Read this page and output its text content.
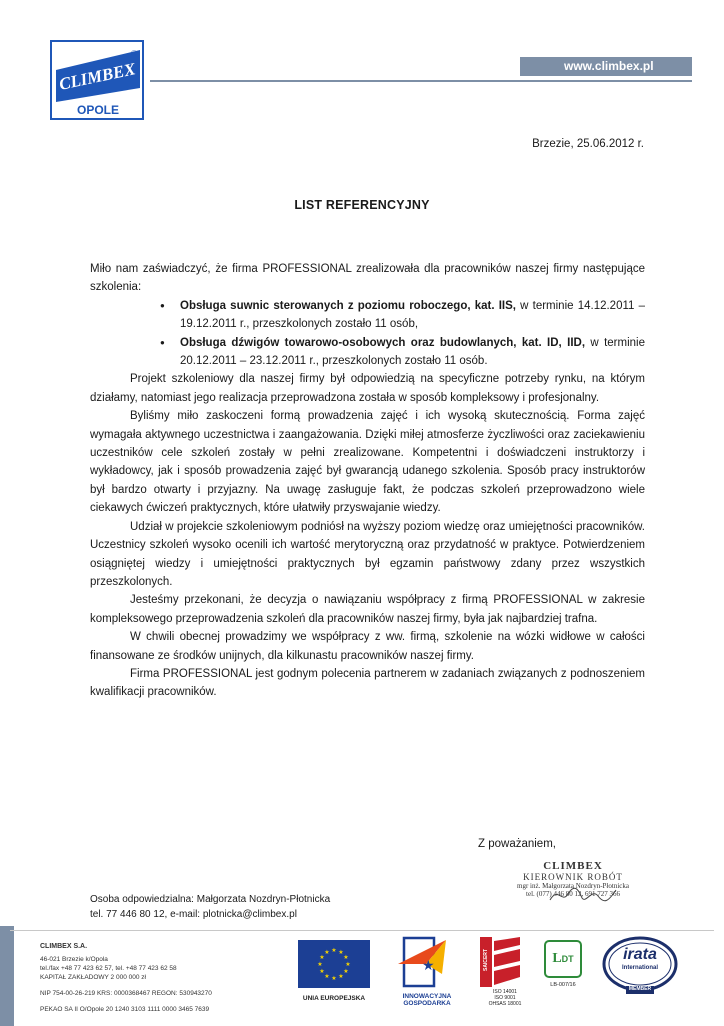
CLIMBEX
®
OPOLE
www.climbex.pl
Brzezie, 25.06.2012 r.
LIST REFERENCYJNY

Miło nam zaświadczyć, że firma PROFESSIONAL zrealizowała dla pracowników naszej firmy następujące szkolenia:

● Obsługa suwnic sterowanych z poziomu roboczego, kat. IIS, w terminie 14.12.2011 – 19.12.2011 r., przeszkolonych zostało 11 osób,
● Obsługa dźwigów towarowo-osobowych oraz budowlanych, kat. ID, IID, w terminie 20.12.2011 – 23.12.2011 r., przeszkolonych zostało 11 osób.

Projekt szkoleniowy dla naszej firmy był odpowiedzią na specyficzne potrzeby rynku, na którym działamy, natomiast jego realizacja przeprowadzona została w sposób kompleksowy i profesjonalny.

Byliśmy miło zaskoczeni formą prowadzenia zajęć i ich wysoką skutecznością. Forma zajęć wymagała aktywnego uczestnictwa i zaangażowania. Dzięki miłej atmosferze życzliwości oraz zaciekawieniu uczestników cele szkoleń zostały w pełni zrealizowane. Kompetentni i doświadczeni instruktorzy i wykładowcy, jak i sposób prowadzenia zajęć był gwarancją udanego szkolenia. Sposób pracy instruktorów był bardzo otwarty i przyjazny. Na uwagę zasługuje fakt, że podczas szkoleń przeprowadzono wiele ciekawych ćwiczeń praktycznych, które ułatwiły przyswajanie wiedzy.

Udział w projekcie szkoleniowym podniósł na wyższy poziom wiedzę oraz umiejętności pracowników. Uczestnicy szkoleń wysoko ocenili ich wartość merytoryczną oraz przydatność w praktyce. Potwierdzeniem osiągniętej wiedzy i umiejętności praktycznych był egzamin państwowy zdany przez wszystkich przeszkolonych.

Jesteśmy przekonani, że decyzja o nawiązaniu współpracy z firmą PROFESSIONAL w zakresie kompleksowego przeprowadzenia szkoleń dla pracowników naszej firmy, była jak najbardziej trafna.

W chwili obecnej prowadzimy we współpracy z ww. firmą, szkolenie na wózki widłowe w całości finansowane ze środków unijnych, dla kilkunastu pracowników naszej firmy.

Firma PROFESSIONAL jest godnym polecenia partnerem w zadaniach związanych z podnoszeniem kwalifikacji pracowników.

Z poważaniem,
CLIMBEX
KIEROWNIK ROBÓT
mgr inż. Małgorzata Nozdryn-Płotnicka
tel. (077) 446 80 12, 691 727 366
Osoba odpowiedzialna: Małgorzata Nozdryn-Płotnicka
tel. 77 446 80 12, e-mail: plotnicka@climbex.pl
CLIMBEX S.A.
46-021 Brzezie k/Opola
tel./fax +48 77 423 62 57, tel. +48 77 423 62 58
KAPITAŁ ZAKŁADOWY 2 000 000 zł
NIP 754-00-26-219 KRS: 0000368467 REGON: 530943270
PEKAO SA II O/Opole 20 1240 3103 1111 0000 3465 7639
★ ★
★
★
★
★
★
★
★
★
★
★
UNIA EUROPEJSKA
★
INNOWACYJNA
GOSPODARKA
SAICERT
ISO 14001
ISO 9001
OHSAS 18001
L DT
LB-007/16
irata
International
MEMBER
